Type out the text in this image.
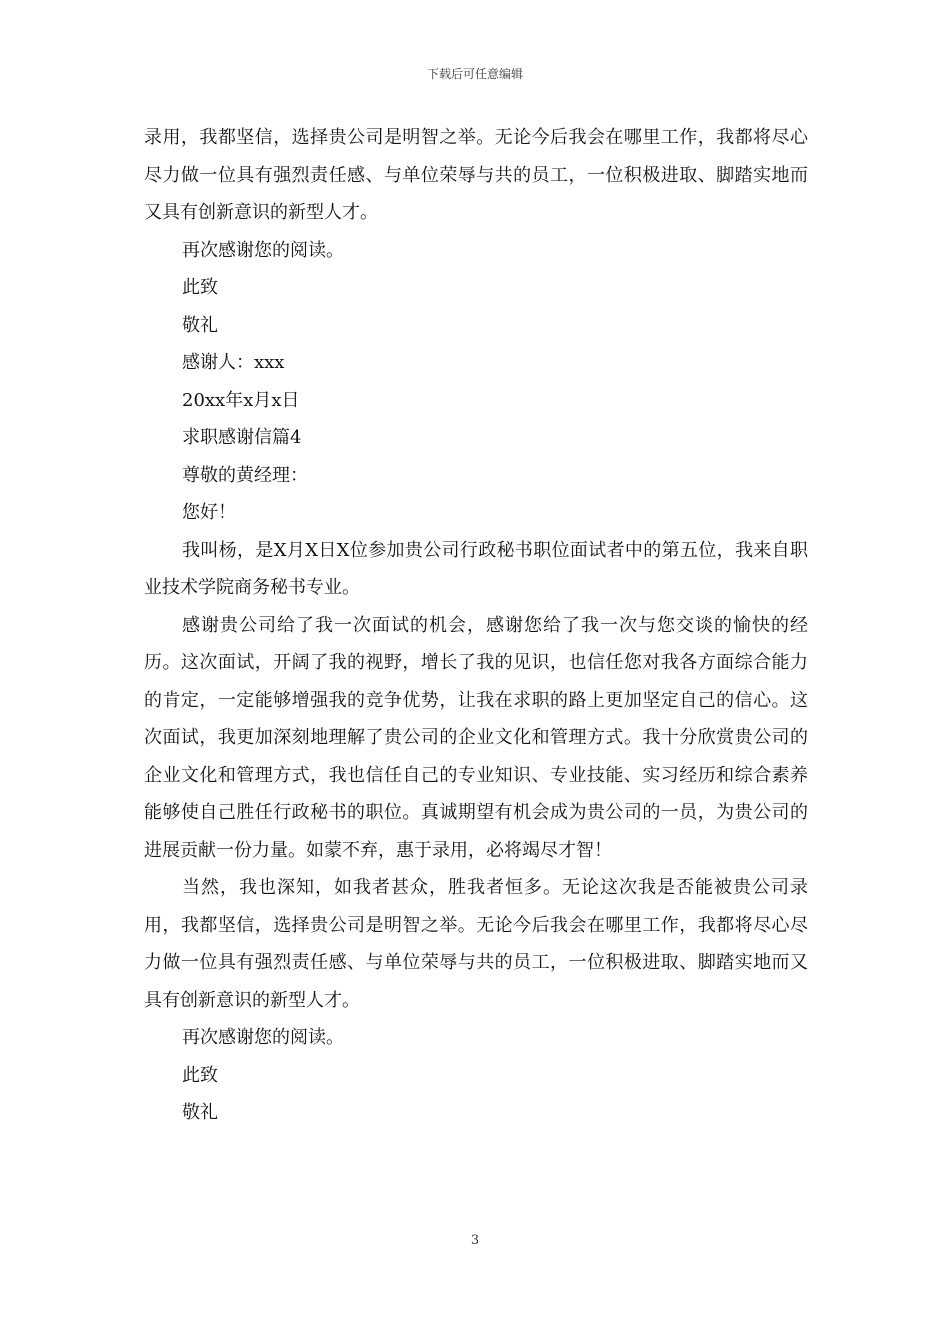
下载后可任意编辑

录用，我都坚信，选择贵公司是明智之举。无论今后我会在哪里工作，我都将尽心尽力做一位具有强烈责任感、与单位荣辱与共的员工，一位积极进取、脚踏实地而又具有创新意识的新型人才。

再次感谢您的阅读。

此致

敬礼

感谢人：xxx

20xx年x月x日

求职感谢信篇4

尊敬的黄经理：

您好！

我叫杨，是X月X日X位参加贵公司行政秘书职位面试者中的第五位，我来自职业技术学院商务秘书专业。

感谢贵公司给了我一次面试的机会，感谢您给了我一次与您交谈的愉快的经历。这次面试，开阔了我的视野，增长了我的见识，也信任您对我各方面综合能力的肯定，一定能够增强我的竞争优势，让我在求职的路上更加坚定自己的信心。这次面试，我更加深刻地理解了贵公司的企业文化和管理方式。我十分欣赏贵公司的企业文化和管理方式，我也信任自己的专业知识、专业技能、实习经历和综合素养能够使自己胜任行政秘书的职位。真诚期望有机会成为贵公司的一员，为贵公司的进展贡献一份力量。如蒙不弃，惠于录用，必将竭尽才智！

当然，我也深知，如我者甚众，胜我者恒多。无论这次我是否能被贵公司录用，我都坚信，选择贵公司是明智之举。无论今后我会在哪里工作，我都将尽心尽力做一位具有强烈责任感、与单位荣辱与共的员工，一位积极进取、脚踏实地而又具有创新意识的新型人才。

再次感谢您的阅读。

此致

敬礼

3
